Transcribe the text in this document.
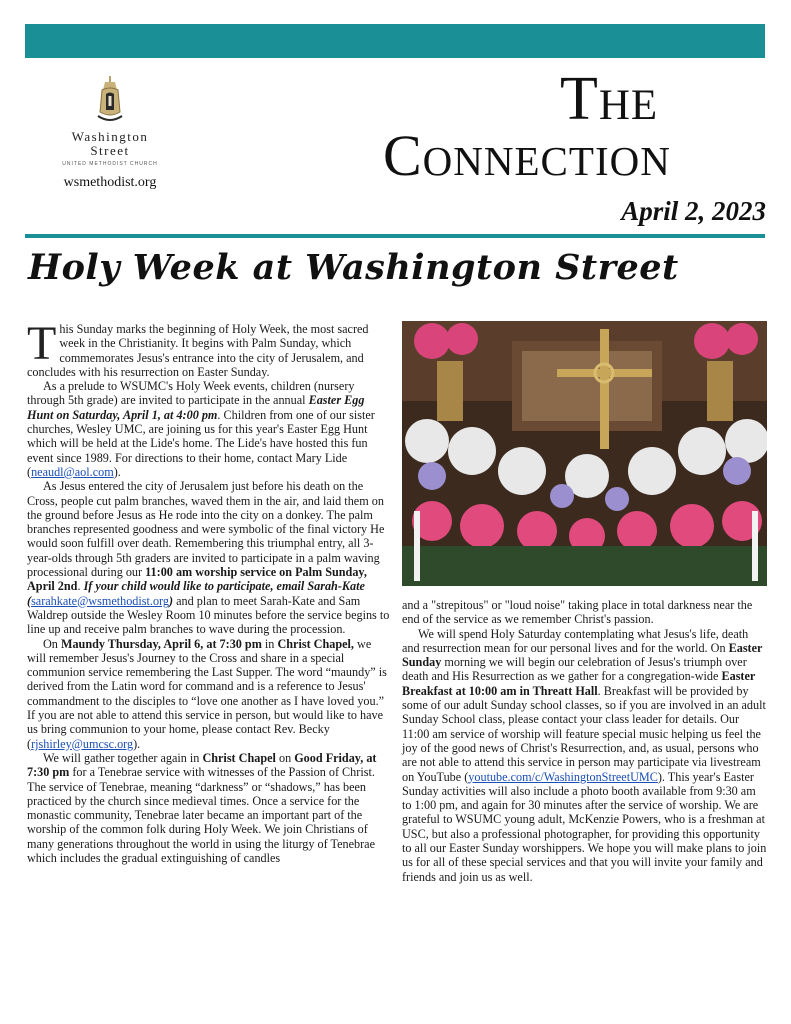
Washington
Street
UNITED METHODIST CHURCH
wsmethodist.org
The
Connection
April 2, 2023
Holy Week at Washington Street

This Sunday marks the beginning of Holy Week, the most sacred week in the Christianity. It begins with Palm Sunday, which commemorates Jesus's entrance into the city of Jerusalem, and concludes with his resurrection on Easter Sunday.

As a prelude to WSUMC's Holy Week events, children (nursery through 5th grade) are invited to participate in the annual Easter Egg Hunt on Saturday, April 1, at 4:00 pm. Children from one of our sister churches, Wesley UMC, are joining us for this year's Easter Egg Hunt which will be held at the Lide's home. The Lide's have hosted this fun event since 1989. For directions to their home, contact Mary Lide (neaudl@aol.com).

As Jesus entered the city of Jerusalem just before his death on the Cross, people cut palm branches, waved them in the air, and laid them on the ground before Jesus as He rode into the city on a donkey. The palm branches represented goodness and were symbolic of the final victory He would soon fulfill over death. Remembering this triumphal entry, all 3-year-olds through 5th graders are invited to participate in a palm waving processional during our 11:00 am worship service on Palm Sunday, April 2nd. If your child would like to participate, email Sarah-Kate (sarahkate@wsmethodist.org) and plan to meet Sarah-Kate and Sam Waldrep outside the Wesley Room 10 minutes before the service begins to line up and receive palm branches to wave during the procession.

On Maundy Thursday, April 6, at 7:30 pm in Christ Chapel, we will remember Jesus's Journey to the Cross and share in a special communion service remembering the Last Supper. The word “maundy” is derived from the Latin word for command and is a reference to Jesus' commandment to the disciples to “love one another as I have loved you.” If you are not able to attend this service in person, but would like to have us bring communion to your home, please contact Rev. Becky (rjshirley@umcsc.org).

We will gather together again in Christ Chapel on Good Friday, at 7:30 pm for a Tenebrae service with witnesses of the Passion of Christ. The service of Tenebrae, meaning “darkness” or “shadows,” has been practiced by the church since medieval times. Once a service for the monastic community, Tenebrae later became an important part of the worship of the common folk during Holy Week. We join Christians of many generations throughout the world in using the liturgy of Tenebrae which includes the gradual extinguishing of candles

and a "strepitous" or "loud noise" taking place in total darkness near the end of the service as we remember Christ's passion.

We will spend Holy Saturday contemplating what Jesus's life, death and resurrection mean for our personal lives and for the world. On Easter Sunday morning we will begin our celebration of Jesus's triumph over death and His Resurrection as we gather for a congregation-wide Easter Breakfast at 10:00 am in Threatt Hall. Breakfast will be provided by some of our adult Sunday school classes, so if you are involved in an adult Sunday School class, please contact your class leader for details. Our 11:00 am service of worship will feature special music helping us feel the joy of the good news of Christ's Resurrection, and, as usual, persons who are not able to attend this service in person may participate via livestream on YouTube (youtube.com/c/WashingtonStreetUMC). This year's Easter Sunday activities will also include a photo booth available from 9:30 am to 1:00 pm, and again for 30 minutes after the service of worship. We are grateful to WSUMC young adult, McKenzie Powers, who is a freshman at USC, but also a professional photographer, for providing this opportunity to all our Easter Sunday worshippers. We hope you will make plans to join us for all of these special services and that you will invite your family and friends and join us as well.
